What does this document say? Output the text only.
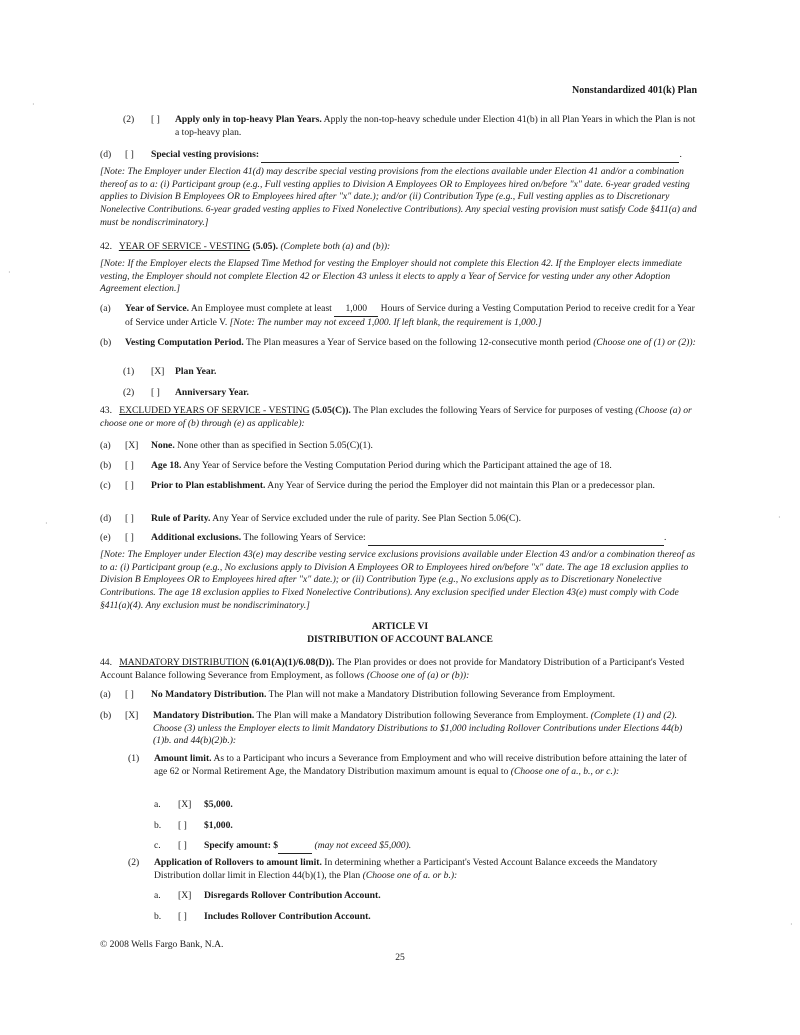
Nonstandardized 401(k) Plan
(2)	[ ]	Apply only in top-heavy Plan Years. Apply the non-top-heavy schedule under Election 41(b) in all Plan Years in which the Plan is not a top-heavy plan.
(d)	[ ]	Special vesting provisions:	.
[Note: The Employer under Election 41(d) may describe special vesting provisions from the elections available under Election 41 and/or a combination thereof as to a: (i) Participant group (e.g., Full vesting applies to Division A Employees OR to Employees hired on/before "x" date. 6-year graded vesting applies to Division B Employees OR to Employees hired after "x" date.); and/or (ii) Contribution Type (e.g., Full vesting applies as to Discretionary Nonelective Contributions. 6-year graded vesting applies to Fixed Nonelective Contributions). Any special vesting provision must satisfy Code §411(a) and must be nondiscriminatory.]
42. YEAR OF SERVICE - VESTING (5.05). (Complete both (a) and (b)):
[Note: If the Employer elects the Elapsed Time Method for vesting the Employer should not complete this Election 42. If the Employer elects immediate vesting, the Employer should not complete Election 42 or Election 43 unless it elects to apply a Year of Service for vesting under any other Adoption Agreement election.]
(a)	Year of Service. An Employee must complete at least 1,000 Hours of Service during a Vesting Computation Period to receive credit for a Year of Service under Article V. [Note: The number may not exceed 1,000. If left blank, the requirement is 1,000.]
(b)	Vesting Computation Period. The Plan measures a Year of Service based on the following 12-consecutive month period (Choose one of (1) or (2)):
(1)	[X]	Plan Year.
(2)	[ ]	Anniversary Year.
43. EXCLUDED YEARS OF SERVICE - VESTING (5.05(C)). The Plan excludes the following Years of Service for purposes of vesting (Choose (a) or choose one or more of (b) through (e) as applicable):
(a)	[X]	None. None other than as specified in Section 5.05(C)(1).
(b)	[ ]	Age 18. Any Year of Service before the Vesting Computation Period during which the Participant attained the age of 18.
(c)	[ ]	Prior to Plan establishment. Any Year of Service during the period the Employer did not maintain this Plan or a predecessor plan.
(d)	[ ]	Rule of Parity. Any Year of Service excluded under the rule of parity. See Plan Section 5.06(C).
(e)	[ ]	Additional exclusions. The following Years of Service:	.
[Note: The Employer under Election 43(e) may describe vesting service exclusions provisions available under Election 43 and/or a combination thereof as to a: (i) Participant group (e.g., No exclusions apply to Division A Employees OR to Employees hired on/before "x" date. The age 18 exclusion applies to Division B Employees OR to Employees hired after "x" date.); or (ii) Contribution Type (e.g., No exclusions apply as to Discretionary Nonelective Contributions. The age 18 exclusion applies to Fixed Nonelective Contributions). Any exclusion specified under Election 43(e) must comply with Code §411(a)(4). Any exclusion must be nondiscriminatory.]
ARTICLE VI
DISTRIBUTION OF ACCOUNT BALANCE
44. MANDATORY DISTRIBUTION (6.01(A)(1)/6.08(D)). The Plan provides or does not provide for Mandatory Distribution of a Participant's Vested Account Balance following Severance from Employment, as follows (Choose one of (a) or (b)):
(a)	[ ]	No Mandatory Distribution. The Plan will not make a Mandatory Distribution following Severance from Employment.
(b)	[X]	Mandatory Distribution. The Plan will make a Mandatory Distribution following Severance from Employment. (Complete (1) and (2). Choose (3) unless the Employer elects to limit Mandatory Distributions to $1,000 including Rollover Contributions under Elections 44(b)(1)b. and 44(b)(2)b.):
(1)	Amount limit. As to a Participant who incurs a Severance from Employment and who will receive distribution before attaining the later of age 62 or Normal Retirement Age, the Mandatory Distribution maximum amount is equal to (Choose one of a., b., or c.):
a.	[X]	$5,000.
b.	[ ]	$1,000.
c.	[ ]	Specify amount: $	(may not exceed $5,000).
(2)	Application of Rollovers to amount limit. In determining whether a Participant's Vested Account Balance exceeds the Mandatory Distribution dollar limit in Election 44(b)(1), the Plan (Choose one of a. or b.):
a.	[X]	Disregards Rollover Contribution Account.
b.	[ ]	Includes Rollover Contribution Account.
© 2008 Wells Fargo Bank, N.A.
25
·
·
·
·
·
